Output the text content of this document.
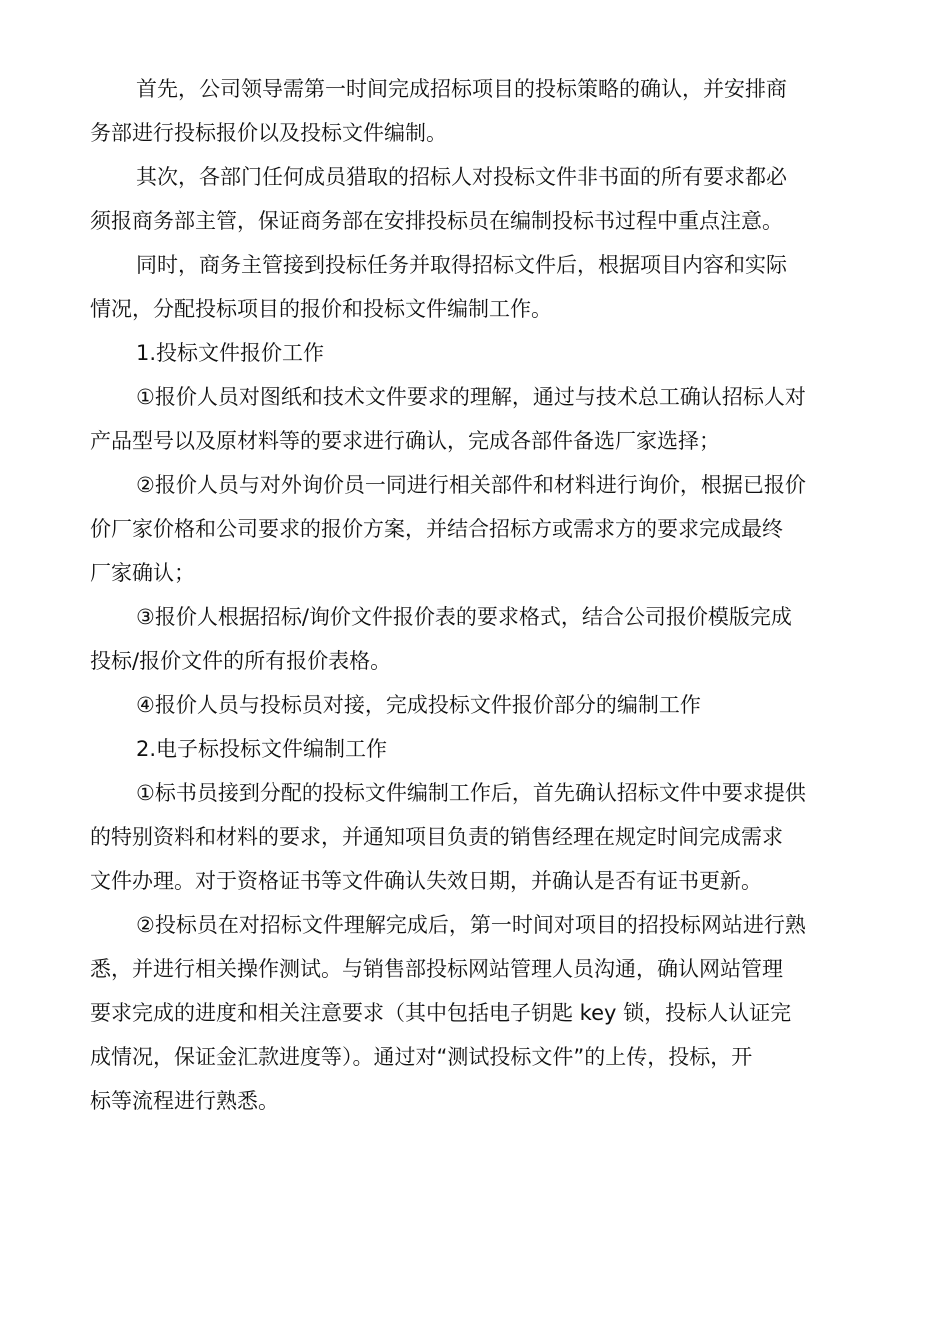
首先，公司领导需第一时间完成招标项目的投标策略的确认，并安排商
务部进行投标报价以及投标文件编制。
其次，各部门任何成员猎取的招标人对投标文件非书面的所有要求都必
须报商务部主管，保证商务部在安排投标员在编制投标书过程中重点注意。
同时，商务主管接到投标任务并取得招标文件后，根据项目内容和实际
情况，分配投标项目的报价和投标文件编制工作。
1.投标文件报价工作
①报价人员对图纸和技术文件要求的理解，通过与技术总工确认招标人对
产品型号以及原材料等的要求进行确认，完成各部件备选厂家选择；
②报价人员与对外询价员一同进行相关部件和材料进行询价，根据已报价
价厂家价格和公司要求的报价方案，并结合招标方或需求方的要求完成最终
厂家确认；
③报价人根据招标/询价文件报价表的要求格式，结合公司报价模版完成
投标/报价文件的所有报价表格。
④报价人员与投标员对接，完成投标文件报价部分的编制工作
2.电子标投标文件编制工作
①标书员接到分配的投标文件编制工作后，首先确认招标文件中要求提供
的特别资料和材料的要求，并通知项目负责的销售经理在规定时间完成需求
文件办理。对于资格证书等文件确认失效日期，并确认是否有证书更新。
②投标员在对招标文件理解完成后，第一时间对项目的招投标网站进行熟
悉，并进行相关操作测试。与销售部投标网站管理人员沟通，确认网站管理
要求完成的进度和相关注意要求（其中包括电子钥匙 key 锁，投标人认证完
成情况，保证金汇款进度等）。通过对“测试投标文件”的上传，投标，开
标等流程进行熟悉。
